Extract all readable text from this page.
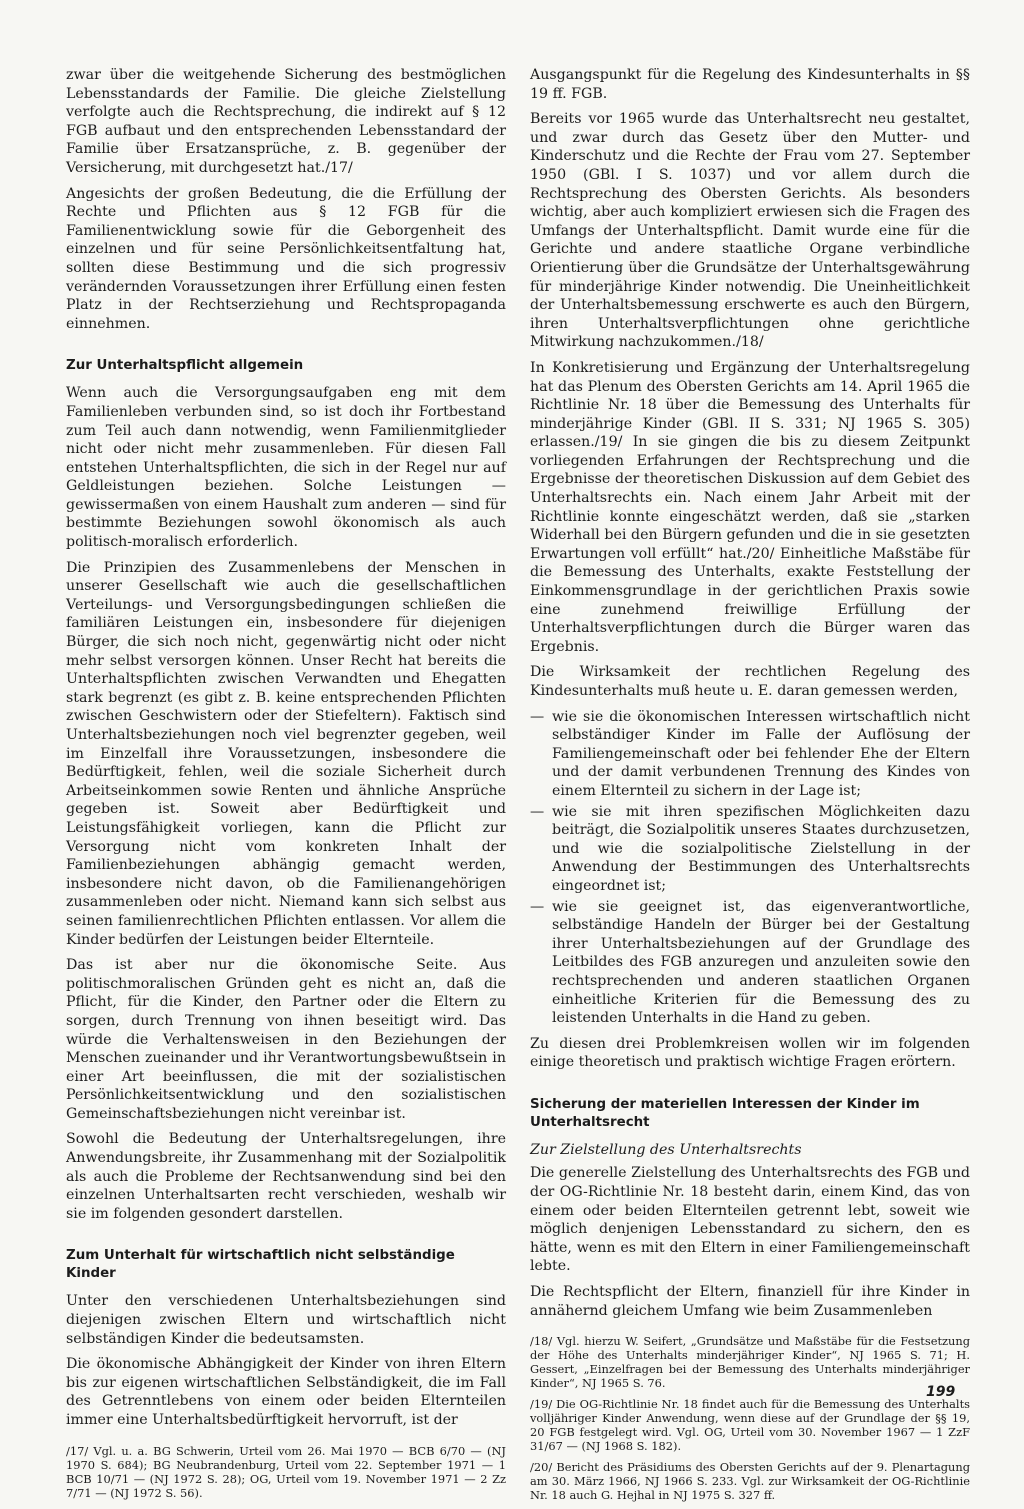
zwar über die weitgehende Sicherung des bestmöglichen Lebensstandards der Familie. Die gleiche Zielstellung verfolgte auch die Rechtsprechung, die indirekt auf § 12 FGB aufbaut und den entsprechenden Lebensstandard der Familie über Ersatzansprüche, z. B. gegenüber der Versicherung, mit durchgesetzt hat./17/

Angesichts der großen Bedeutung, die die Erfüllung der Rechte und Pflichten aus § 12 FGB für die Familienentwicklung sowie für die Geborgenheit des einzelnen und für seine Persönlichkeitsentfaltung hat, sollten diese Bestimmung und die sich progressiv verändernden Voraussetzungen ihrer Erfüllung einen festen Platz in der Rechtserziehung und Rechtspropaganda einnehmen.

Zur Unterhaltspflicht allgemein

Wenn auch die Versorgungsaufgaben eng mit dem Familienleben verbunden sind, so ist doch ihr Fortbestand zum Teil auch dann notwendig, wenn Familienmitglieder nicht oder nicht mehr zusammenleben. Für diesen Fall entstehen Unterhaltspflichten, die sich in der Regel nur auf Geldleistungen beziehen. Solche Leistungen — gewissermaßen von einem Haushalt zum anderen — sind für bestimmte Beziehungen sowohl ökonomisch als auch politisch-moralisch erforderlich.

Die Prinzipien des Zusammenlebens der Menschen in unserer Gesellschaft wie auch die gesellschaftlichen Verteilungs- und Versorgungsbedingungen schließen die familiären Leistungen ein, insbesondere für diejenigen Bürger, die sich noch nicht, gegenwärtig nicht oder nicht mehr selbst versorgen können. Unser Recht hat bereits die Unterhaltspflichten zwischen Verwandten und Ehegatten stark begrenzt (es gibt z. B. keine entsprechenden Pflichten zwischen Geschwistern oder der Stiefeltern). Faktisch sind Unterhaltsbeziehungen noch viel begrenzter gegeben, weil im Einzelfall ihre Voraussetzungen, insbesondere die Bedürftigkeit, fehlen, weil die soziale Sicherheit durch Arbeitseinkommen sowie Renten und ähnliche Ansprüche gegeben ist. Soweit aber Bedürftigkeit und Leistungsfähigkeit vorliegen, kann die Pflicht zur Versorgung nicht vom konkreten Inhalt der Familienbeziehungen abhängig gemacht werden, insbesondere nicht davon, ob die Familienangehörigen zusammenleben oder nicht. Niemand kann sich selbst aus seinen familienrechtlichen Pflichten entlassen. Vor allem die Kinder bedürfen der Leistungen beider Elternteile.

Das ist aber nur die ökonomische Seite. Aus politischmoralischen Gründen geht es nicht an, daß die Pflicht, für die Kinder, den Partner oder die Eltern zu sorgen, durch Trennung von ihnen beseitigt wird. Das würde die Verhaltensweisen in den Beziehungen der Menschen zueinander und ihr Verantwortungsbewußtsein in einer Art beeinflussen, die mit der sozialistischen Persönlichkeitsentwicklung und den sozialistischen Gemeinschaftsbeziehungen nicht vereinbar ist.

Sowohl die Bedeutung der Unterhaltsregelungen, ihre Anwendungsbreite, ihr Zusammenhang mit der Sozialpolitik als auch die Probleme der Rechtsanwendung sind bei den einzelnen Unterhaltsarten recht verschieden, weshalb wir sie im folgenden gesondert darstellen.

Zum Unterhalt für wirtschaftlich nicht selbständige Kinder

Unter den verschiedenen Unterhaltsbeziehungen sind diejenigen zwischen Eltern und wirtschaftlich nicht selbständigen Kinder die bedeutsamsten.

Die ökonomische Abhängigkeit der Kinder von ihren Eltern bis zur eigenen wirtschaftlichen Selbständigkeit, die im Fall des Getrenntlebens von einem oder beiden Elternteilen immer eine Unterhaltsbedürftigkeit hervorruft, ist der

/17/ Vgl. u. a. BG Schwerin, Urteil vom 26. Mai 1970 — BCB 6/70 — (NJ 1970 S. 684); BG Neubrandenburg, Urteil vom 22. September 1971 — 1 BCB 10/71 — (NJ 1972 S. 28); OG, Urteil vom 19. November 1971 — 2 Zz 7/71 — (NJ 1972 S. 56).

Ausgangspunkt für die Regelung des Kindesunterhalts in §§ 19 ff. FGB.

Bereits vor 1965 wurde das Unterhaltsrecht neu gestaltet, und zwar durch das Gesetz über den Mutter- und Kinderschutz und die Rechte der Frau vom 27. September 1950 (GBl. I S. 1037) und vor allem durch die Rechtsprechung des Obersten Gerichts. Als besonders wichtig, aber auch kompliziert erwiesen sich die Fragen des Umfangs der Unterhaltspflicht. Damit wurde eine für die Gerichte und andere staatliche Organe verbindliche Orientierung über die Grundsätze der Unterhaltsgewährung für minderjährige Kinder notwendig. Die Uneinheitlichkeit der Unterhaltsbemessung erschwerte es auch den Bürgern, ihren Unterhaltsverpflichtungen ohne gerichtliche Mitwirkung nachzukommen./18/

In Konkretisierung und Ergänzung der Unterhaltsregelung hat das Plenum des Obersten Gerichts am 14. April 1965 die Richtlinie Nr. 18 über die Bemessung des Unterhalts für minderjährige Kinder (GBl. II S. 331; NJ 1965 S. 305) erlassen./19/ In sie gingen die bis zu diesem Zeitpunkt vorliegenden Erfahrungen der Rechtsprechung und die Ergebnisse der theoretischen Diskussion auf dem Gebiet des Unterhaltsrechts ein. Nach einem Jahr Arbeit mit der Richtlinie konnte eingeschätzt werden, daß sie „starken Widerhall bei den Bürgern gefunden und die in sie gesetzten Erwartungen voll erfüllt“ hat./20/ Einheitliche Maßstäbe für die Bemessung des Unterhalts, exakte Feststellung der Einkommensgrundlage in der gerichtlichen Praxis sowie eine zunehmend freiwillige Erfüllung der Unterhaltsverpflichtungen durch die Bürger waren das Ergebnis.

Die Wirksamkeit der rechtlichen Regelung des Kindesunterhalts muß heute u. E. daran gemessen werden,

— wie sie die ökonomischen Interessen wirtschaftlich nicht selbständiger Kinder im Falle der Auflösung der Familiengemeinschaft oder bei fehlender Ehe der Eltern und der damit verbundenen Trennung des Kindes von einem Elternteil zu sichern in der Lage ist;
— wie sie mit ihren spezifischen Möglichkeiten dazu beiträgt, die Sozialpolitik unseres Staates durchzusetzen, und wie die sozialpolitische Zielstellung in der Anwendung der Bestimmungen des Unterhaltsrechts eingeordnet ist;
— wie sie geeignet ist, das eigenverantwortliche, selbständige Handeln der Bürger bei der Gestaltung ihrer Unterhaltsbeziehungen auf der Grundlage des Leitbildes des FGB anzuregen und anzuleiten sowie den rechtsprechenden und anderen staatlichen Organen einheitliche Kriterien für die Bemessung des zu leistenden Unterhalts in die Hand zu geben.

Zu diesen drei Problemkreisen wollen wir im folgenden einige theoretisch und praktisch wichtige Fragen erörtern.

Sicherung der materiellen Interessen der Kinder im Unterhaltsrecht
Zur Zielstellung des Unterhaltsrechts

Die generelle Zielstellung des Unterhaltsrechts des FGB und der OG-Richtlinie Nr. 18 besteht darin, einem Kind, das von einem oder beiden Elternteilen getrennt lebt, soweit wie möglich denjenigen Lebensstandard zu sichern, den es hätte, wenn es mit den Eltern in einer Familiengemeinschaft lebte.

Die Rechtspflicht der Eltern, finanziell für ihre Kinder in annähernd gleichem Umfang wie beim Zusammenleben

/18/ Vgl. hierzu W. Seifert, „Grundsätze und Maßstäbe für die Festsetzung der Höhe des Unterhalts minderjähriger Kinder“, NJ 1965 S. 71; H. Gessert, „Einzelfragen bei der Bemessung des Unterhalts minderjähriger Kinder“, NJ 1965 S. 76.

/19/ Die OG-Richtlinie Nr. 18 findet auch für die Bemessung des Unterhalts volljähriger Kinder Anwendung, wenn diese auf der Grundlage der §§ 19, 20 FGB festgelegt wird. Vgl. OG, Urteil vom 30. November 1967 — 1 ZzF 31/67 — (NJ 1968 S. 182).

/20/ Bericht des Präsidiums des Obersten Gerichts auf der 9. Plenartagung am 30. März 1966, NJ 1966 S. 233. Vgl. zur Wirksamkeit der OG-Richtlinie Nr. 18 auch G. Hejhal in NJ 1975 S. 327 ff.

199
